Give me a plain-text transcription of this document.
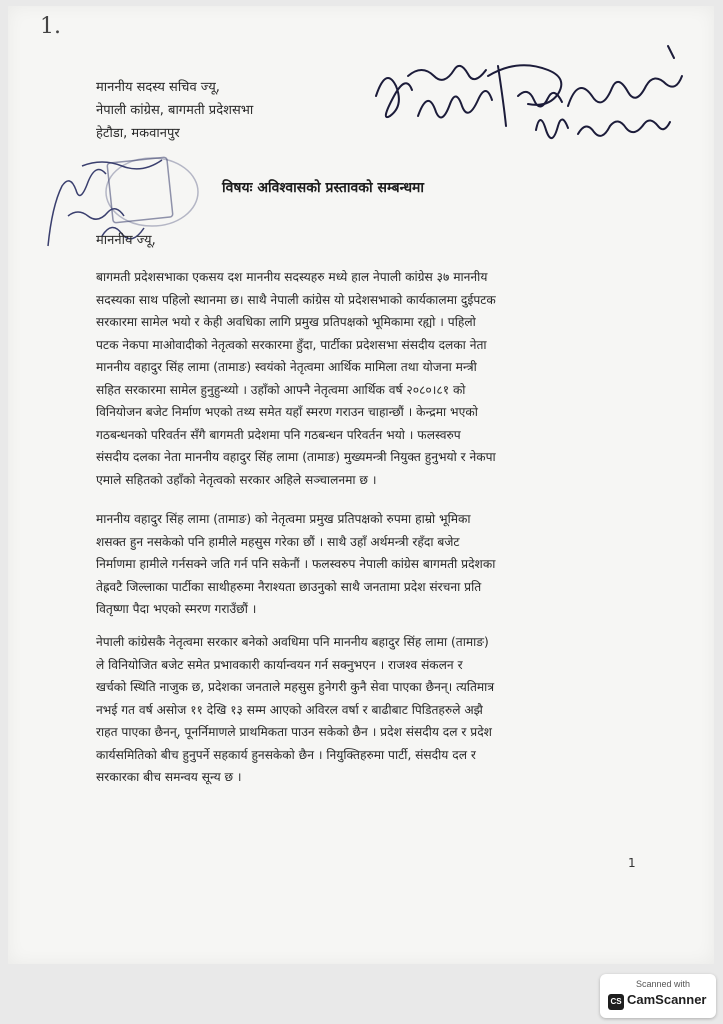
1.
माननीय सदस्य सचिव ज्यू,
नेपाली कांग्रेस, बागमती प्रदेशसभा
हेटौडा, मकवानपुर
विषयः अविश्वासको प्रस्तावको सम्बन्धमा
माननीय ज्यू,
बागमती प्रदेशसभाका एकसय दश माननीय सदस्यहरु मध्ये हाल नेपाली कांग्रेस ३७ माननीय
सदस्यका साथ पहिलो स्थानमा छ। साथै नेपाली कांग्रेस यो प्रदेशसभाको कार्यकालमा दुईपटक
सरकारमा सामेल भयो र केही अवधिका लागि प्रमुख प्रतिपक्षको भूमिकामा रह्यो । पहिलो
पटक नेकपा माओवादीको नेतृत्वको सरकारमा हुँदा, पार्टीका प्रदेशसभा संसदीय दलका नेता
माननीय वहादुर सिंह लामा (तामाङ) स्वयंको नेतृत्वमा आर्थिक मामिला तथा योजना मन्त्री
सहित सरकारमा सामेल हुनुहुन्थ्यो । उहाँको आफ्नै नेतृत्वमा आर्थिक वर्ष २०८०।८१ को
विनियोजन बजेट निर्माण भएको तथ्य समेत यहाँ स्मरण गराउन चाहान्छौं । केन्द्रमा भएको
गठबन्धनको परिवर्तन सँगै बागमती प्रदेशमा पनि गठबन्धन परिवर्तन भयो । फलस्वरुप
संसदीय दलका नेता माननीय वहादुर सिंह लामा (तामाङ) मुख्यमन्त्री नियुक्त हुनुभयो र नेकपा
एमाले सहितको उहाँको नेतृत्वको सरकार अहिले सञ्चालनमा छ ।
माननीय वहादुर सिंह लामा (तामाङ) को नेतृत्वमा प्रमुख प्रतिपक्षको रुपमा हाम्रो भूमिका
शसक्त हुन नसकेको पनि हामीले महसुस गरेका छौं । साथै उहाँ अर्थमन्त्री रहँदा बजेट
निर्माणमा हामीले गर्नसक्ने जति गर्न पनि सकेनौं । फलस्वरुप नेपाली कांग्रेस बागमती प्रदेशका
तेह्रवटै जिल्लाका पार्टीका साथीहरुमा नैराश्यता छाउनुको साथै जनतामा प्रदेश संरचना प्रति
वितृष्णा पैदा भएको स्मरण गराउँछौं ।
नेपाली कांग्रेसकै नेतृत्वमा सरकार बनेको अवधिमा पनि माननीय बहादुर सिंह लामा (तामाङ)
ले विनियोजित बजेट समेत प्रभावकारी कार्यान्वयन गर्न सक्नुभएन । राजश्व संकलन र
खर्चको स्थिति नाजुक छ, प्रदेशका जनताले महसुस हुनेगरी कुनै सेवा पाएका छैनन्। त्यतिमात्र
नभई गत वर्ष असोज ११ देखि १३ सम्म आएको अविरल वर्षा र बाढीबाट पिडितहरुले अझै
राहत पाएका छैनन्, पूनर्निमाणले प्राथमिकता पाउन सकेको छैन । प्रदेश संसदीय दल र प्रदेश
कार्यसमितिको बीच हुनुपर्ने सहकार्य हुनसकेको छैन । नियुक्तिहरुमा पार्टी, संसदीय दल र
सरकारका बीच समन्वय सून्य छ ।
1
Scanned with
CS CamScanner
